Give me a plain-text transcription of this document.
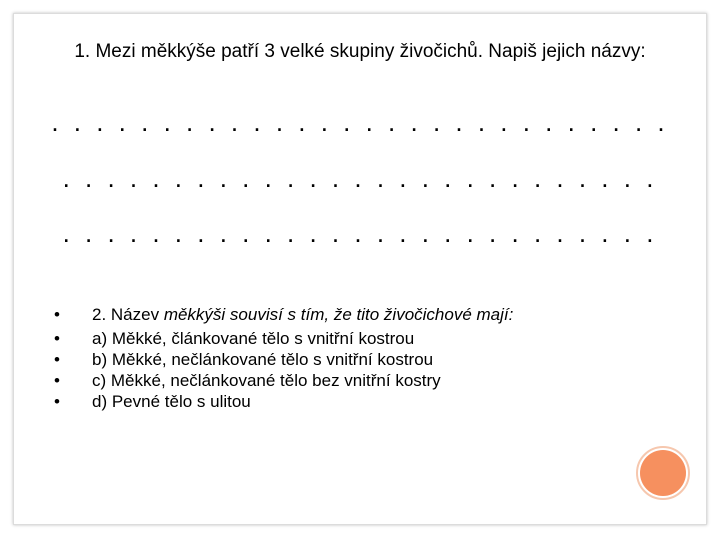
1. Mezi měkkýše patří 3 velké skupiny živočichů. Napiš jejich názvy:
. . . . . . . . . . . . . . . . . . . . . . . . . . . .
. . . . . . . . . . . . . . . . . . . . . . . . . . .
. . . . . . . . . . . . . . . . . . . . . . . . . . .
• 2. Název měkkýši souvisí s tím, že tito živočichové mají:
• a) Měkké, článkované tělo s vnitřní kostrou
• b) Měkké, nečlánkované tělo s vnitřní kostrou
• c) Měkké, nečlánkované tělo bez vnitřní kostry
• d) Pevné tělo s ulitou
